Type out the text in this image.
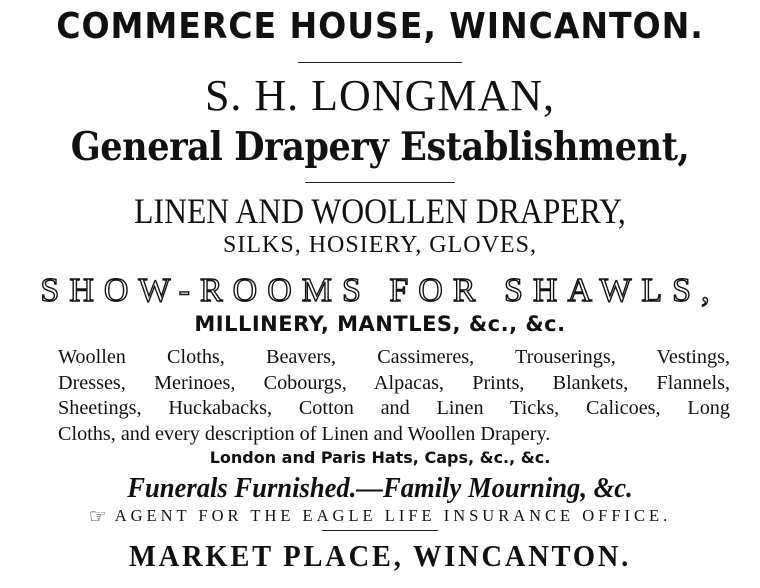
COMMERCE HOUSE, WINCANTON.
S. H. LONGMAN,
General Drapery Establishment,
LINEN AND WOOLLEN DRAPERY,
SILKS, HOSIERY, GLOVES,
SHOW-ROOMS FOR SHAWLS,
MILLINERY, MANTLES, &c., &c.
Woollen Cloths, Beavers, Cassimeres, Trouserings, Vestings,
Dresses, Merinoes, Cobourgs, Alpacas, Prints, Blankets, Flannels,
Sheetings, Huckabacks, Cotton and Linen Ticks, Calicoes, Long
Cloths, and every description of Linen and Woollen Drapery.
London and Paris Hats, Caps, &c., &c.
Funerals Furnished.—Family Mourning, &c.
☞ AGENT FOR THE EAGLE LIFE INSURANCE OFFICE.
MARKET PLACE, WINCANTON.
